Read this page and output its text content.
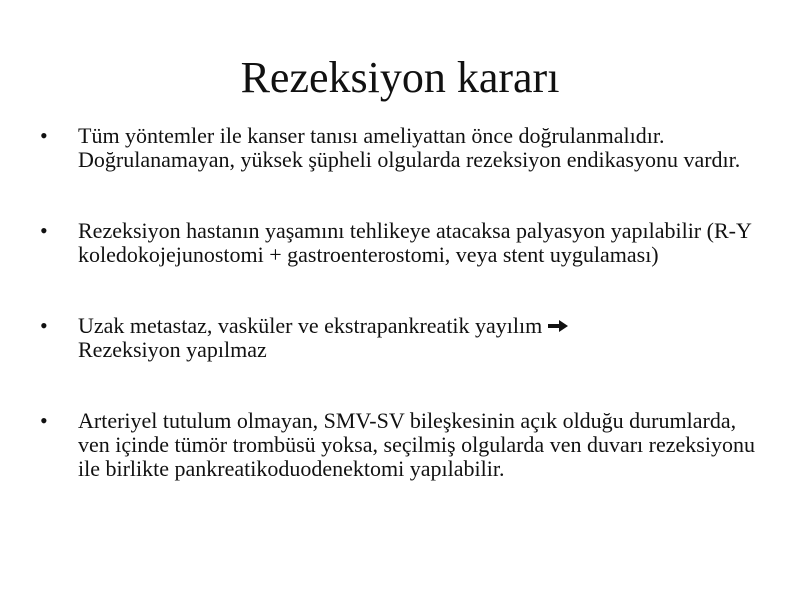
Rezeksiyon kararı
• Tüm yöntemler ile kanser tanısı ameliyattan önce doğrulanmalıdır. Doğrulanamayan, yüksek şüpheli olgularda rezeksiyon endikasyonu vardır.
• Rezeksiyon hastanın yaşamını tehlikeye atacaksa palyasyon yapılabilir (R-Y koledokojejunostomi + gastroenterostomi, veya stent uygulaması)
• Uzak metastaz, vasküler ve ekstrapankreatik yayılım
Rezeksiyon yapılmaz
• Arteriyel tutulum olmayan, SMV-SV bileşkesinin açık olduğu durumlarda, ven içinde tümör trombüsü yoksa, seçilmiş olgularda ven duvarı rezeksiyonu ile birlikte pankreatikoduodenektomi yapılabilir.
